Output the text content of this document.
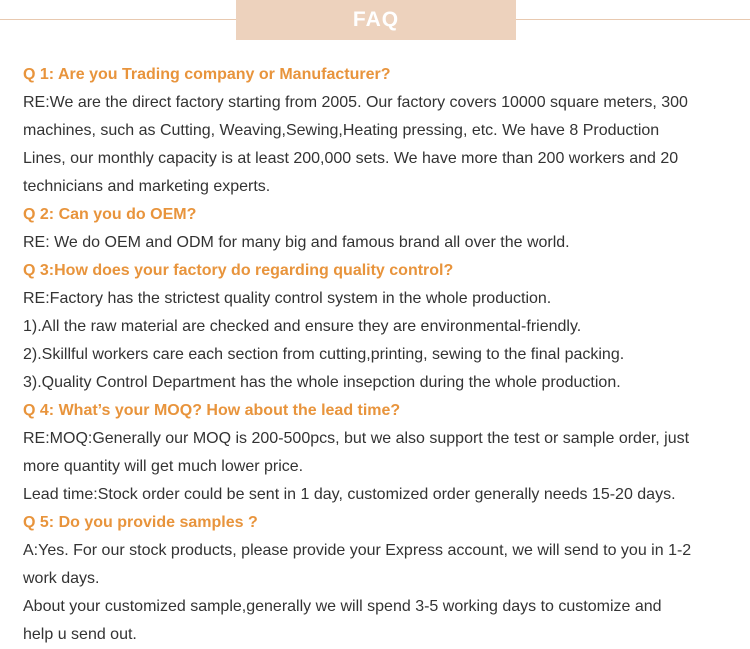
FAQ
Q 1: Are you Trading company or Manufacturer?
RE:We are the direct factory starting from 2005. Our factory covers 10000 square meters, 300
machines, such as Cutting, Weaving,Sewing,Heating pressing, etc. We have 8 Production
Lines, our monthly capacity is at least 200,000 sets. We have more than 200 workers and 20
technicians and marketing experts.
Q 2: Can you do OEM?
RE: We do OEM and ODM for many big and famous brand all over the world.
Q 3:How does your factory do regarding quality control?
RE:Factory has the strictest quality control system in the whole production.
1).All the raw material are checked and ensure they are environmental-friendly.
2).Skillful workers care each section from cutting,printing, sewing to the final packing.
3).Quality Control Department has the whole insepction during the whole production.
Q 4: What’s your MOQ? How about the lead time?
RE:MOQ:Generally our MOQ is 200-500pcs, but we also support the test or sample order, just
more quantity will get much lower price.
Lead time:Stock order could be sent in 1 day, customized order generally needs 15-20 days.
Q 5: Do you provide samples ?
A:Yes. For our stock products, please provide your Express account, we will send to you in 1-2
work days.
About your customized sample,generally we will spend 3-5 working days to customize and
help u send out.
